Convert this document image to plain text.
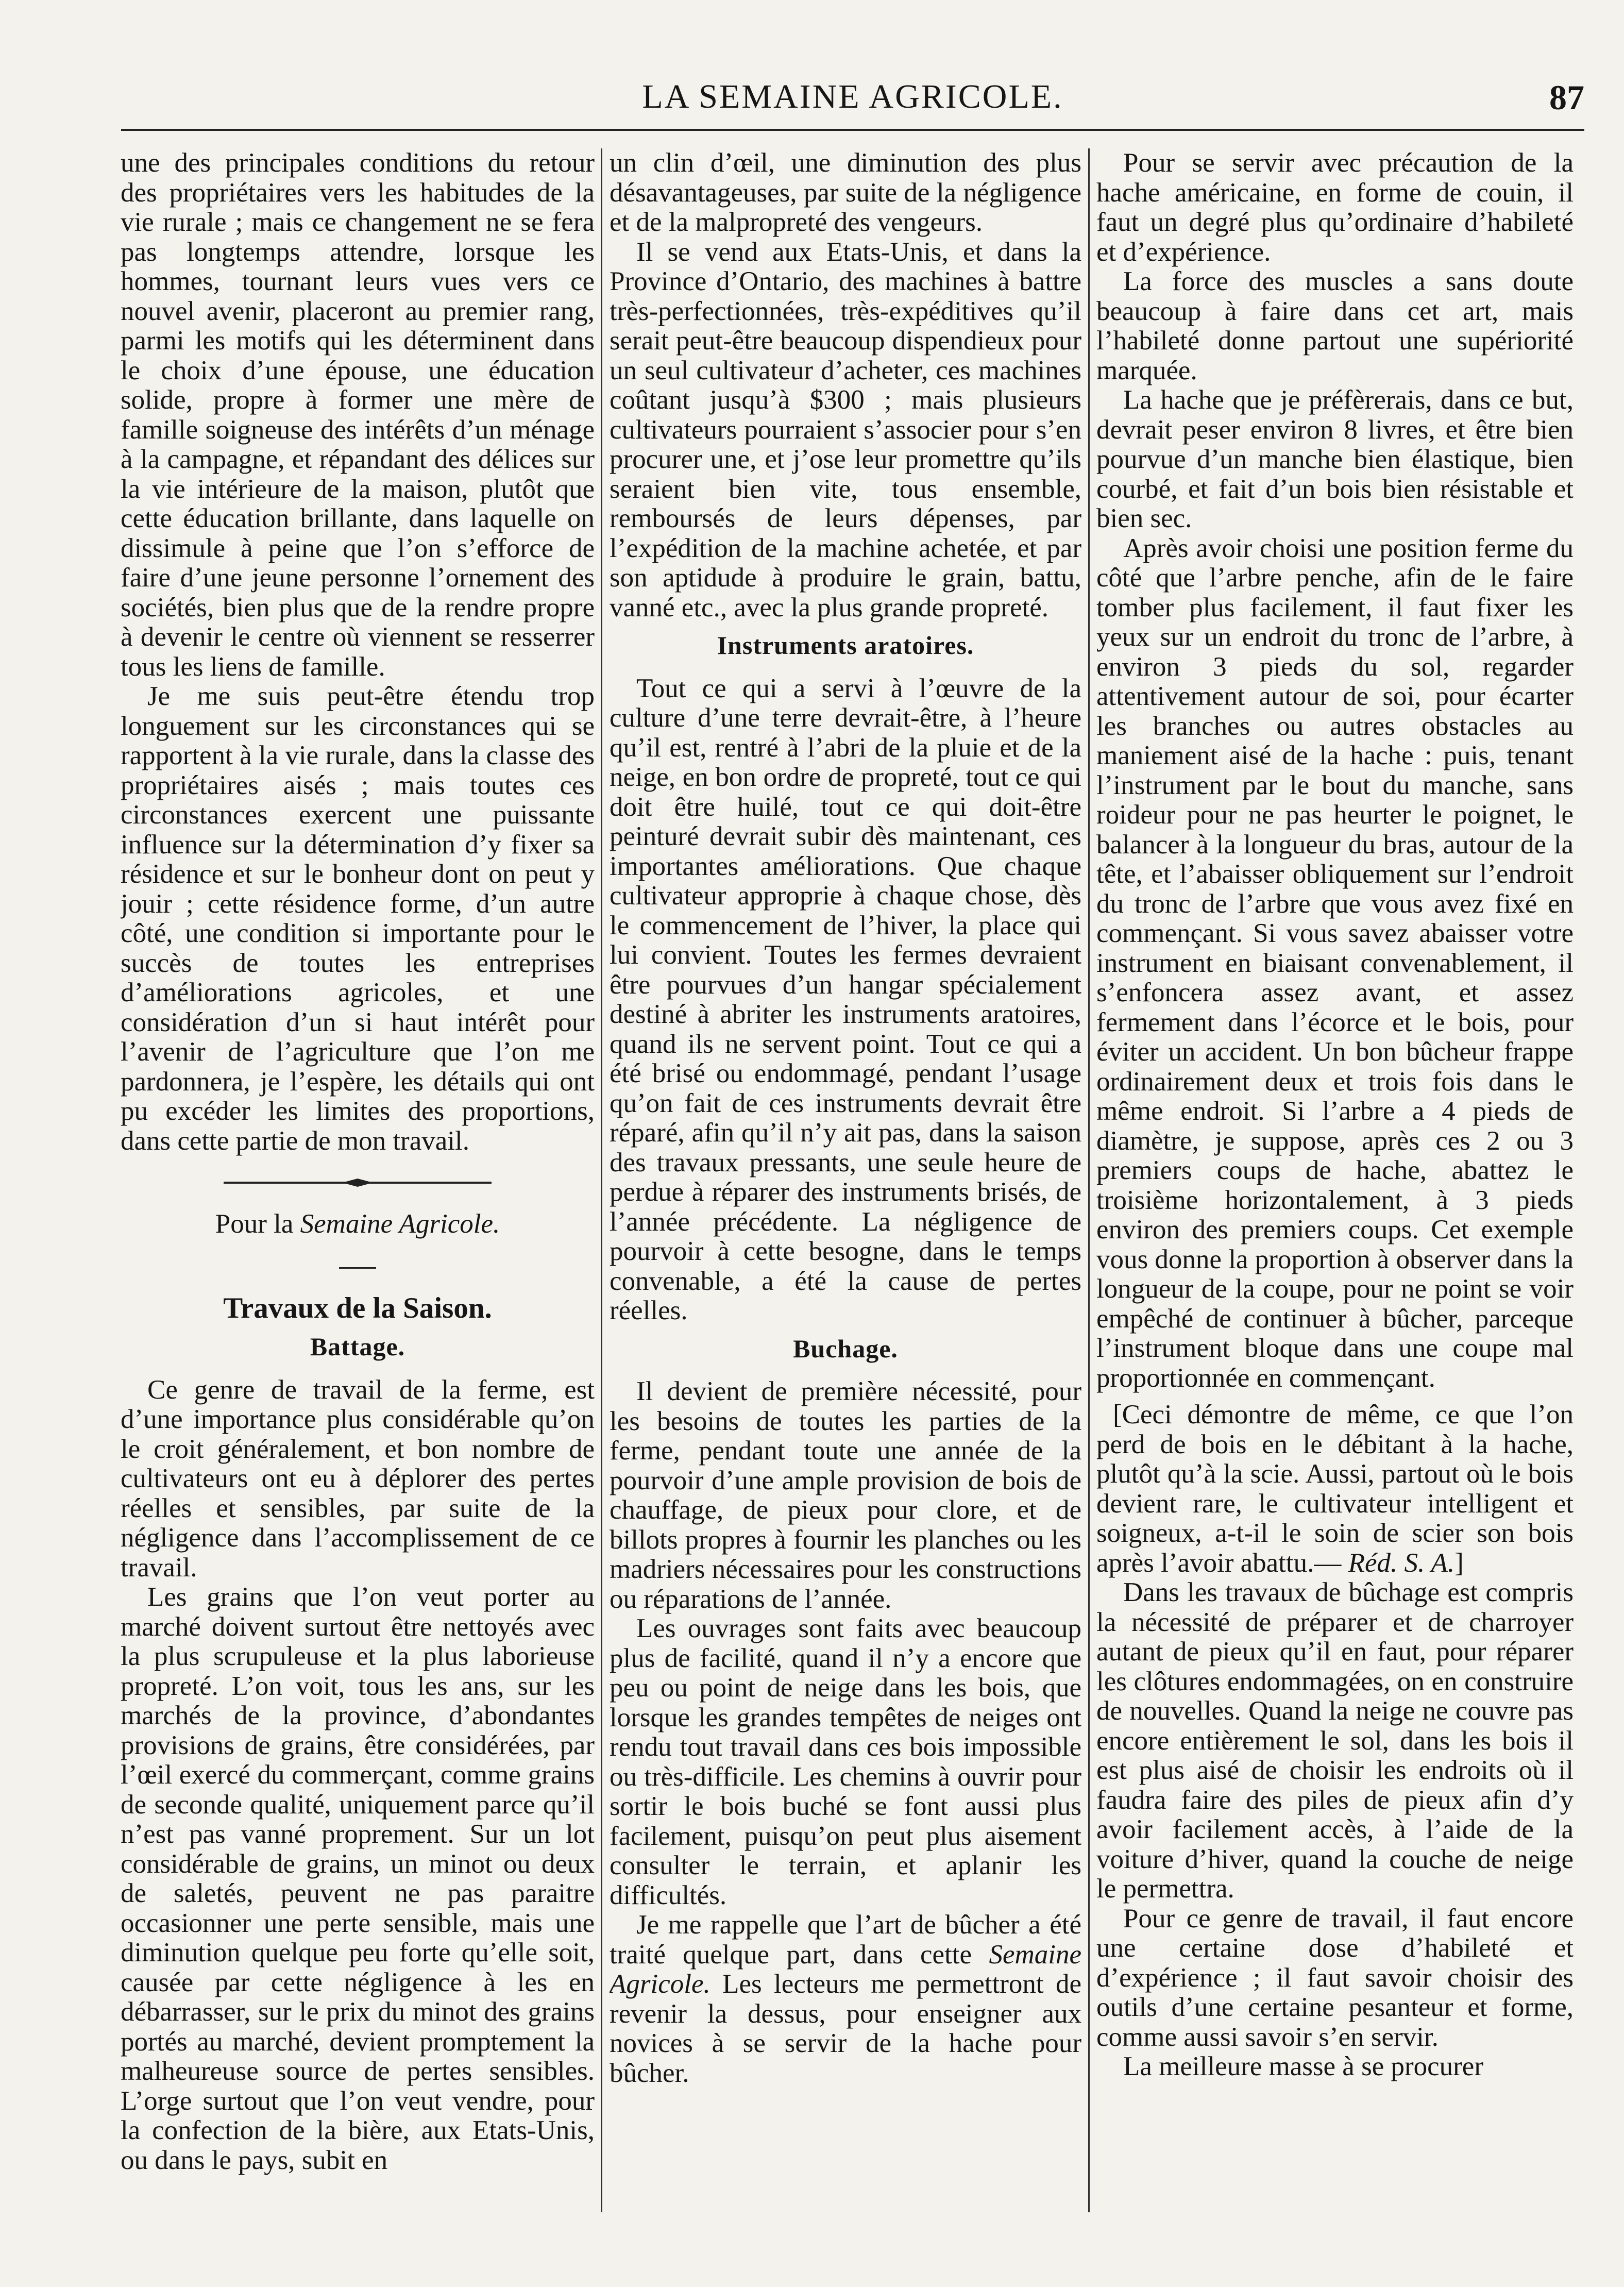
LA SEMAINE AGRICOLE.	87

une des principales conditions du retour des propriétaires vers les habitudes de la vie rurale ; mais ce changement ne se fera pas longtemps attendre, lorsque les hommes, tournant leurs vues vers ce nouvel avenir, placeront au premier rang, parmi les motifs qui les déterminent dans le choix d’une épouse, une éducation solide, propre à former une mère de famille soigneuse des intérêts d’un ménage à la campagne, et répandant des délices sur la vie intérieure de la maison, plutôt que cette éducation brillante, dans laquelle on dissimule à peine que l’on s’efforce de faire d’une jeune personne l’ornement des sociétés, bien plus que de la rendre propre à devenir le centre où viennent se resserrer tous les liens de famille.

Je me suis peut-être étendu trop longuement sur les circonstances qui se rapportent à la vie rurale, dans la classe des propriétaires aisés ; mais toutes ces circonstances exercent une puissante influence sur la détermination d’y fixer sa résidence et sur le bonheur dont on peut y jouir ; cette résidence forme, d’un autre côté, une condition si importante pour le succès de toutes les entreprises d’améliorations agricoles, et une considération d’un si haut intérêt pour l’avenir de l’agriculture que l’on me pardonnera, je l’espère, les détails qui ont pu excéder les limites des proportions, dans cette partie de mon travail.

Pour la Semaine Agricole.

Travaux de la Saison.
Battage.

Ce genre de travail de la ferme, est d’une importance plus considérable qu’on le croit généralement, et bon nombre de cultivateurs ont eu à déplorer des pertes réelles et sensibles, par suite de la négligence dans l’accomplissement de ce travail.

Les grains que l’on veut porter au marché doivent surtout être nettoyés avec la plus scrupuleuse et la plus laborieuse propreté. L’on voit, tous les ans, sur les marchés de la province, d’abondantes provisions de grains, être considérées, par l’œil exercé du commerçant, comme grains de seconde qualité, uniquement parce qu’il n’est pas vanné proprement. Sur un lot considérable de grains, un minot ou deux de saletés, peuvent ne pas paraitre occasionner une perte sensible, mais une diminution quelque peu forte qu’elle soit, causée par cette négligence à les en débarrasser, sur le prix du minot des grains portés au marché, devient promptement la malheureuse source de pertes sensibles. L’orge surtout que l’on veut vendre, pour la confection de la bière, aux Etats-Unis, ou dans le pays, subit en

un clin d’œil, une diminution des plus désavantageuses, par suite de la négligence et de la malpropreté des vengeurs.

Il se vend aux Etats-Unis, et dans la Province d’Ontario, des machines à battre très-perfectionnées, très-expéditives qu’il serait peut-être beaucoup dispendieux pour un seul cultivateur d’acheter, ces machines coûtant jusqu’à $300 ; mais plusieurs cultivateurs pourraient s’associer pour s’en procurer une, et j’ose leur promettre qu’ils seraient bien vite, tous ensemble, remboursés de leurs dépenses, par l’expédition de la machine achetée, et par son aptidude à produire le grain, battu, vanné etc., avec la plus grande propreté.

Instruments aratoires.

Tout ce qui a servi à l’œuvre de la culture d’une terre devrait-être, à l’heure qu’il est, rentré à l’abri de la pluie et de la neige, en bon ordre de propreté, tout ce qui doit être huilé, tout ce qui doit-être peinturé devrait subir dès maintenant, ces importantes améliorations. Que chaque cultivateur approprie à chaque chose, dès le commencement de l’hiver, la place qui lui convient. Toutes les fermes devraient être pourvues d’un hangar spécialement destiné à abriter les instruments aratoires, quand ils ne servent point. Tout ce qui a été brisé ou endommagé, pendant l’usage qu’on fait de ces instruments devrait être réparé, afin qu’il n’y ait pas, dans la saison des travaux pressants, une seule heure de perdue à réparer des instruments brisés, de l’année précédente. La négligence de pourvoir à cette besogne, dans le temps convenable, a été la cause de pertes réelles.

Buchage.

Il devient de première nécessité, pour les besoins de toutes les parties de la ferme, pendant toute une année de la pourvoir d’une ample provision de bois de chauffage, de pieux pour clore, et de billots propres à fournir les planches ou les madriers nécessaires pour les constructions ou réparations de l’année.

Les ouvrages sont faits avec beaucoup plus de facilité, quand il n’y a encore que peu ou point de neige dans les bois, que lorsque les grandes tempêtes de neiges ont rendu tout travail dans ces bois impossible ou très-difficile. Les chemins à ouvrir pour sortir le bois buché se font aussi plus facilement, puisqu’on peut plus aisement consulter le terrain, et aplanir les difficultés.

Je me rappelle que l’art de bûcher a été traité quelque part, dans cette Semaine Agricole. Les lecteurs me permettront de revenir la dessus, pour enseigner aux novices à se servir de la hache pour bûcher.

Pour se servir avec précaution de la hache américaine, en forme de couin, il faut un degré plus qu’ordinaire d’habileté et d’expérience.

La force des muscles a sans doute beaucoup à faire dans cet art, mais l’habileté donne partout une supériorité marquée.

La hache que je préfèrerais, dans ce but, devrait peser environ 8 livres, et être bien pourvue d’un manche bien élastique, bien courbé, et fait d’un bois bien résistable et bien sec.

Après avoir choisi une position ferme du côté que l’arbre penche, afin de le faire tomber plus facilement, il faut fixer les yeux sur un endroit du tronc de l’arbre, à environ 3 pieds du sol, regarder attentivement autour de soi, pour écarter les branches ou autres obstacles au maniement aisé de la hache : puis, tenant l’instrument par le bout du manche, sans roideur pour ne pas heurter le poignet, le balancer à la longueur du bras, autour de la tête, et l’abaisser obliquement sur l’endroit du tronc de l’arbre que vous avez fixé en commençant. Si vous savez abaisser votre instrument en biaisant convenablement, il s’enfoncera assez avant, et assez fermement dans l’écorce et le bois, pour éviter un accident. Un bon bûcheur frappe ordinairement deux et trois fois dans le même endroit. Si l’arbre a 4 pieds de diamètre, je suppose, après ces 2 ou 3 premiers coups de hache, abattez le troisième horizontalement, à 3 pieds environ des premiers coups. Cet exemple vous donne la proportion à observer dans la longueur de la coupe, pour ne point se voir empêché de continuer à bûcher, parceque l’instrument bloque dans une coupe mal proportionnée en commençant.

[Ceci démontre de même, ce que l’on perd de bois en le débitant à la hache, plutôt qu’à la scie. Aussi, partout où le bois devient rare, le cultivateur intelligent et soigneux, a-t-il le soin de scier son bois après l’avoir abattu.— Réd. S. A.]

Dans les travaux de bûchage est compris la nécessité de préparer et de charroyer autant de pieux qu’il en faut, pour réparer les clôtures endommagées, on en construire de nouvelles. Quand la neige ne couvre pas encore entièrement le sol, dans les bois il est plus aisé de choisir les endroits où il faudra faire des piles de pieux afin d’y avoir facilement accès, à l’aide de la voiture d’hiver, quand la couche de neige le permettra.

Pour ce genre de travail, il faut encore une certaine dose d’habileté et d’expérience ; il faut savoir choisir des outils d’une certaine pesanteur et forme, comme aussi savoir s’en servir.

La meilleure masse à se procurer
